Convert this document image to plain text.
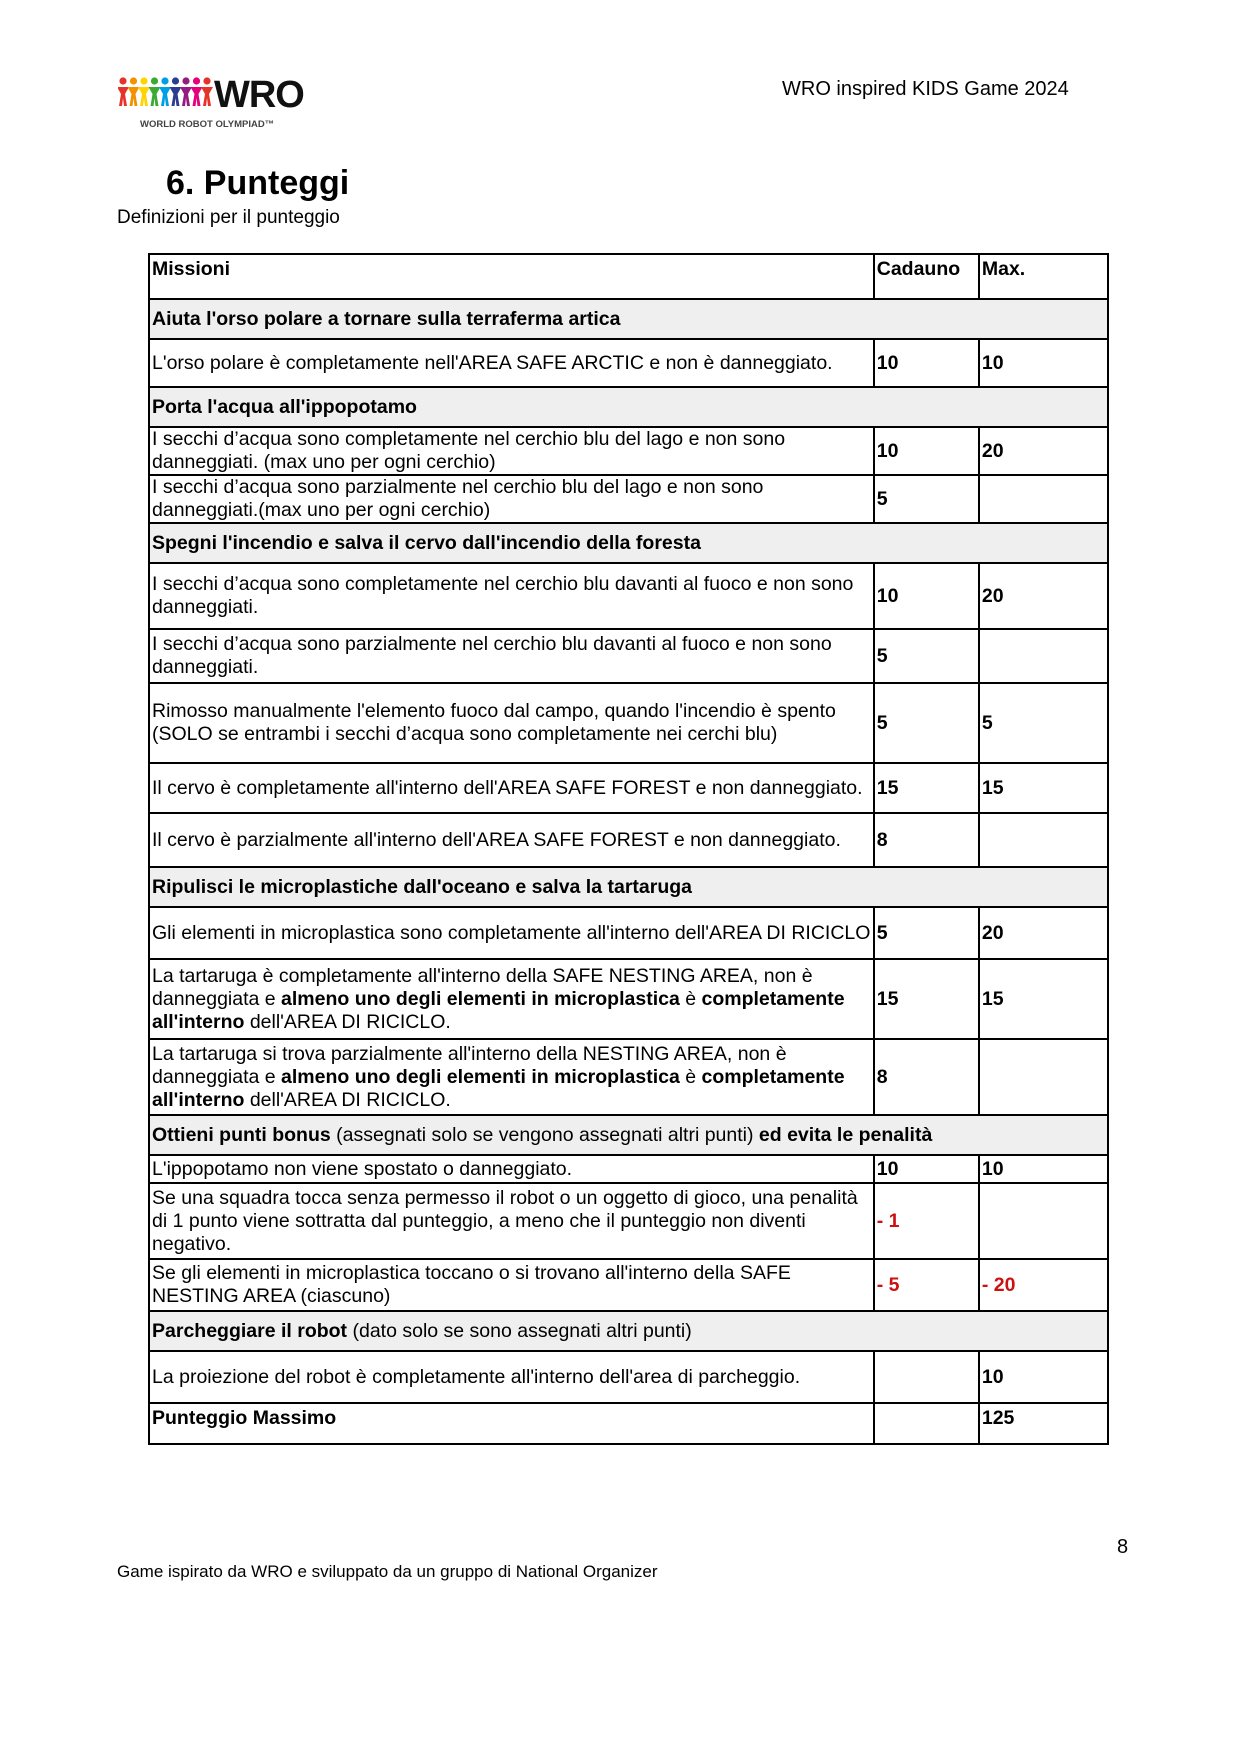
WRO
WORLD ROBOT OLYMPIAD™
WRO inspired KIDS Game 2024
6. Punteggi
Definizioni per il punteggio
Missioni	Cadauno	Max.
Aiuta l'orso polare a tornare sulla terraferma artica		
L'orso polare è completamente nell'AREA SAFE ARCTIC e non è danneggiato.	10	10
Porta l'acqua all'ippopotamo		
I secchi d’acqua sono completamente nel cerchio blu del lago e non sono danneggiati. (max uno per ogni cerchio)	10	20
I secchi d’acqua sono parzialmente nel cerchio blu del lago e non sono danneggiati.(max uno per ogni cerchio)	5	
Spegni l'incendio e salva il cervo dall'incendio della foresta		
I secchi d’acqua sono completamente nel cerchio blu davanti al fuoco e non sono danneggiati.	10	20
I secchi d’acqua sono parzialmente nel cerchio blu davanti al fuoco e non sono danneggiati.	5	
Rimosso manualmente l'elemento fuoco dal campo, quando l'incendio è spento (SOLO se entrambi i secchi d’acqua sono completamente nei cerchi blu)	5	5
Il cervo è completamente all'interno dell'AREA SAFE FOREST e non danneggiato.	15	15
Il cervo è parzialmente all'interno dell'AREA SAFE FOREST e non danneggiato.	8	
Ripulisci le microplastiche dall'oceano e salva la tartaruga		
Gli elementi in microplastica sono completamente all'interno dell'AREA DI RICICLO	5	20
La tartaruga è completamente all'interno della SAFE NESTING AREA, non è danneggiata e almeno uno degli elementi in microplastica è completamente all'interno dell'AREA DI RICICLO.	15	15
La tartaruga si trova parzialmente all'interno della NESTING AREA, non è danneggiata e almeno uno degli elementi in microplastica è completamente all'interno dell'AREA DI RICICLO.	8	
Ottieni punti bonus (assegnati solo se vengono assegnati altri punti) ed evita le penalità		
L'ippopotamo non viene spostato o danneggiato.	10	10
Se una squadra tocca senza permesso il robot o un oggetto di gioco, una penalità di 1 punto viene sottratta dal punteggio, a meno che il punteggio non diventi negativo.	- 1	
Se gli elementi in microplastica toccano o si trovano all'interno della SAFE NESTING AREA (ciascuno)	- 5	- 20
Parcheggiare il robot (dato solo se sono assegnati altri punti)		
La proiezione del robot è completamente all'interno dell'area di parcheggio.		10
Punteggio Massimo		125
8
Game ispirato da WRO e sviluppato da un gruppo di National Organizer
